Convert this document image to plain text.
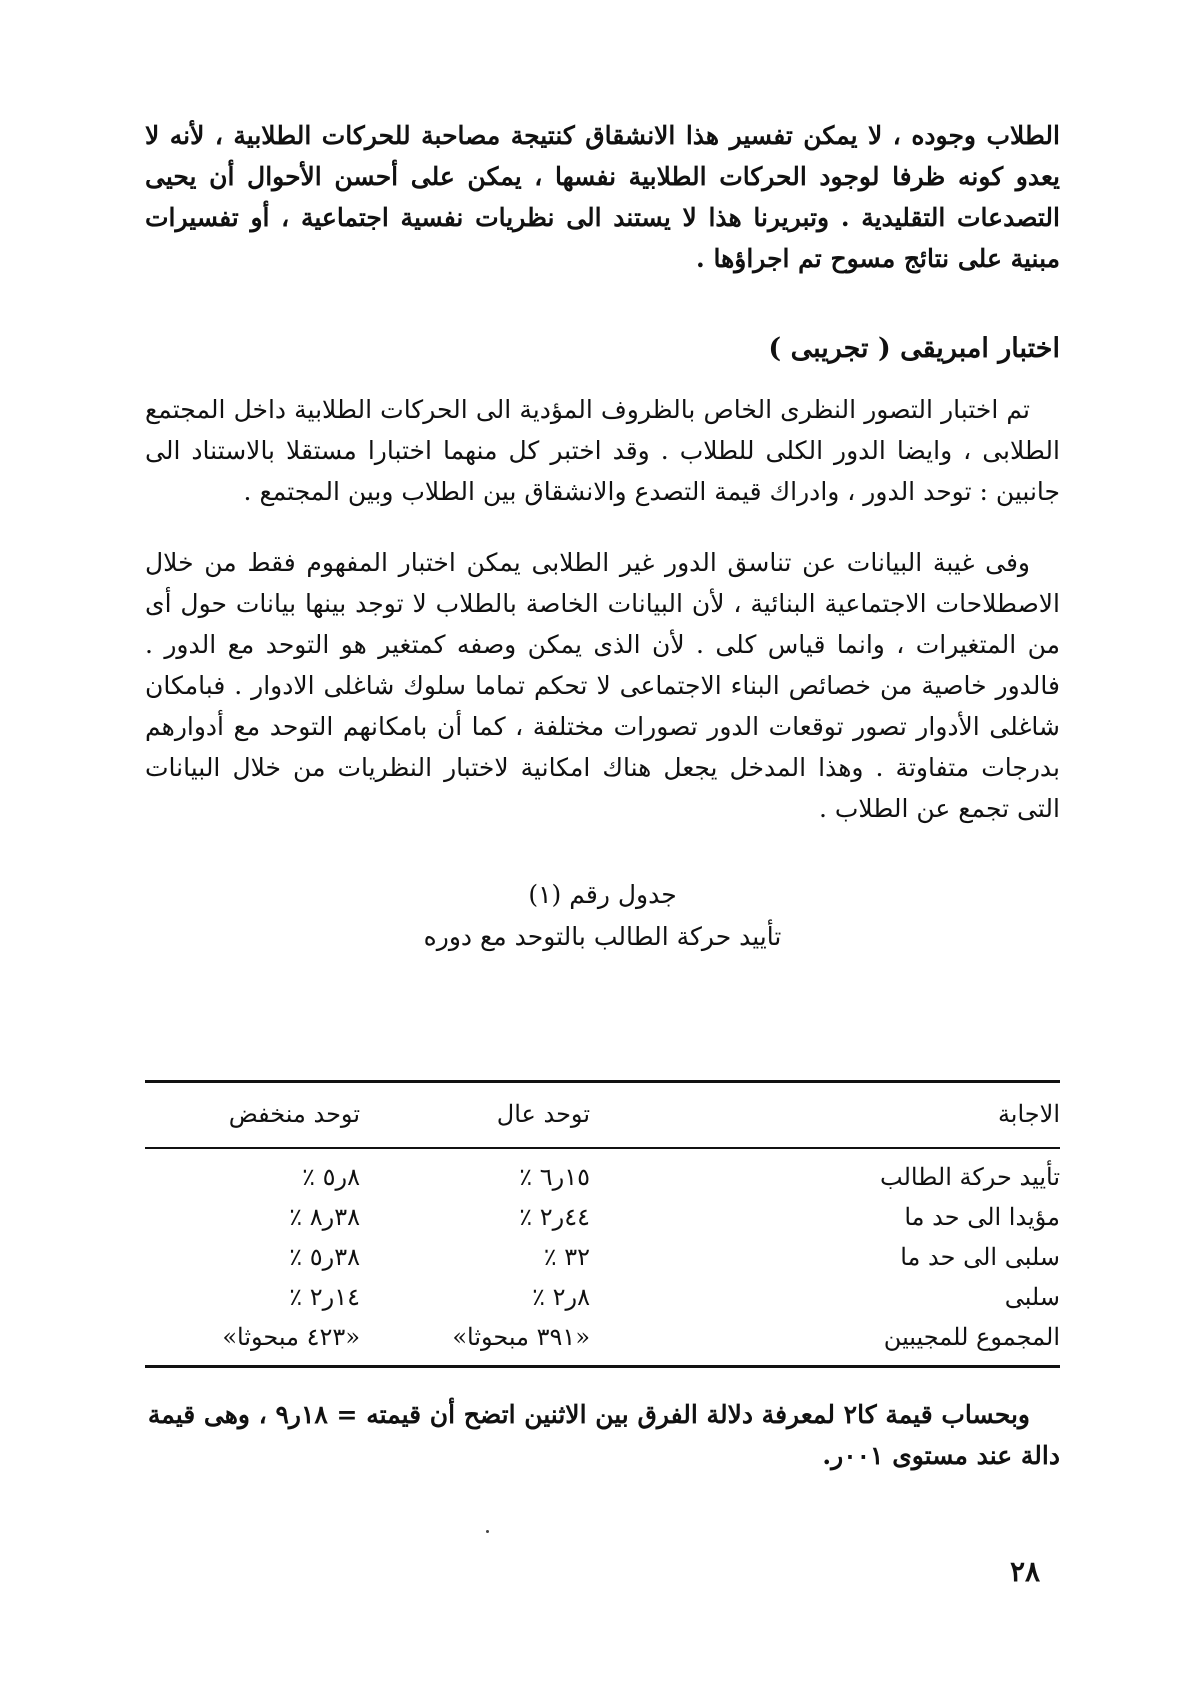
الطلاب وجوده ، لا يمكن تفسير هذا الانشقاق كنتيجة مصاحبة للحركات الطلابية ، لأنه لا يعدو كونه ظرفا لوجود الحركات الطلابية نفسها ، يمكن على أحسن الأحوال أن يحيى التصدعات التقليدية . وتبريرنا هذا لا يستند الى نظريات نفسية اجتماعية ، أو تفسيرات مبنية على نتائج مسوح تم اجراؤها .

اختبار امبريقى ( تجريبى )

تم اختبار التصور النظرى الخاص بالظروف المؤدية الى الحركات الطلابية داخل المجتمع الطلابى ، وايضا الدور الكلى للطلاب . وقد اختبر كل منهما اختبارا مستقلا بالاستناد الى جانبين : توحد الدور ، وادراك قيمة التصدع والانشقاق بين الطلاب وبين المجتمع .

وفى غيبة البيانات عن تناسق الدور غير الطلابى يمكن اختبار المفهوم فقط من خلال الاصطلاحات الاجتماعية البنائية ، لأن البيانات الخاصة بالطلاب لا توجد بينها بيانات حول أى من المتغيرات ، وانما قياس كلى . لأن الذى يمكن وصفه كمتغير هو التوحد مع الدور . فالدور خاصية من خصائص البناء الاجتماعى لا تحكم تماما سلوك شاغلى الادوار . فبامكان شاغلى الأدوار تصور توقعات الدور تصورات مختلفة ، كما أن بامكانهم التوحد مع أدوارهم بدرجات متفاوتة . وهذا المدخل يجعل هناك امكانية لاختبار النظريات من خلال البيانات التى تجمع عن الطلاب .

جدول رقم (١)

تأييد حركة الطالب بالتوحد مع دوره

الاجابة	توحد عال	توحد منخفض

تأييد حركة الطالب	١٥ر٦ ٪	٨ر٥ ٪
مؤيدا الى حد ما	٤٤ر٢ ٪	٣٨ر٨ ٪
سلبى الى حد ما	٣٢ ٪	٣٨ر٥ ٪
سلبى	٨ر٢ ٪	١٤ر٢ ٪
المجموع للمجيبين	«٣٩١ مبحوثا»	«٤٢٣ مبحوثا»

وبحساب قيمة كا٢ لمعرفة دلالة الفرق بين الاثنين اتضح أن قيمته = ١٨ر٩ ، وهى قيمة دالة عند مستوى ٠٠١ر.

٢٨
